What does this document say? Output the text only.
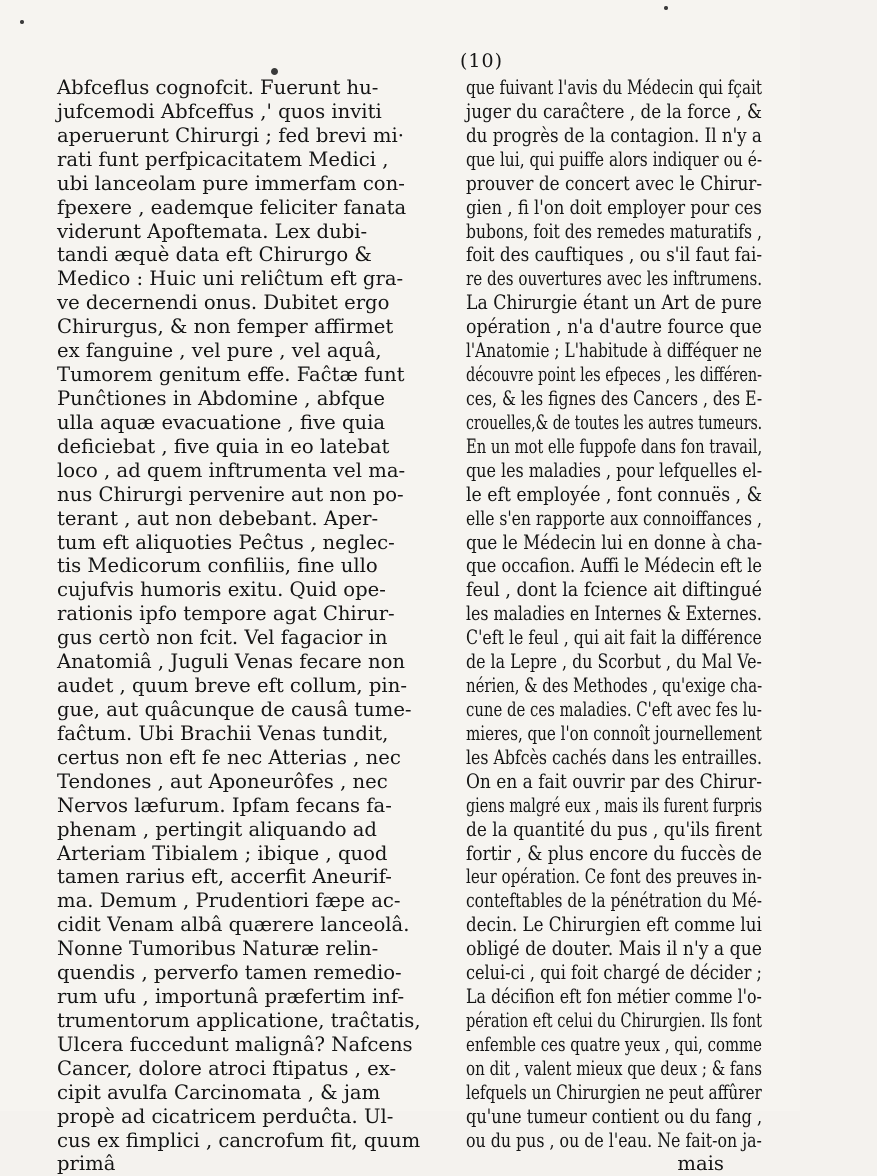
(10)
Abfceflus cognofcit. Fuerunt hu-
jufcemodi Abfceffus ,' quos inviti
aperuerunt Chirurgi ; fed brevi mi·
rati funt perfpicacitatem Medici ,
ubi lanceolam pure immerfam con-
fpexere , eademque feliciter fanata
viderunt Apoftemata. Lex dubi-
tandi æquè data eft Chirurgo &
Medico : Huic uni reliĉtum eft gra-
ve decernendi onus. Dubitet ergo
Chirurgus, & non femper affirmet
ex fanguine , vel pure , vel aquâ,
Tumorem genitum effe. Faĉtæ funt
Punĉtiones in Abdomine , abfque
ulla aquæ evacuatione , five quia
deficiebat , five quia in eo latebat
loco , ad quem inftrumenta vel ma-
nus Chirurgi pervenire aut non po-
terant , aut non debebant. Aper-
tum eft aliquoties Peĉtus , neglec-
tis Medicorum confiliis, fine ullo
cujufvis humoris exitu. Quid ope-
rationis ipfo tempore agat Chirur-
gus certò non fcit. Vel fagacior in
Anatomiâ , Juguli Venas fecare non
audet , quum breve eft collum, pin-
gue, aut quâcunque de causâ tume-
faĉtum. Ubi Brachii Venas tundit,
certus non eft fe nec Atterias , nec
Tendones , aut Aponeurôfes , nec
Nervos læfurum. Ipfam fecans fa-
phenam , pertingit aliquando ad
Arteriam Tibialem ; ibique , quod
tamen rarius eft, accerfit Aneurif-
ma. Demum , Prudentiori fæpe ac-
cidit Venam albâ quærere lanceolâ.
Nonne Tumoribus Naturæ relin-
quendis , perverfo tamen remedio-
rum ufu , importunâ præfertim inf-
trumentorum applicatione, traĉtatis,
Ulcera fuccedunt malignâ? Nafcens
Cancer, dolore atroci ftipatus , ex-
cipit avulfa Carcinomata , & jam
propè ad cicatricem perduĉta. Ul-
cus ex fimplici , cancrofum fit, quum
primâ
que fuivant l'avis du Médecin qui fçait
juger du caraĉtere , de la force , &
du progrès de la contagion. Il n'y a
que lui, qui puiffe alors indiquer ou é-
prouver de concert avec le Chirur-
gien , fi l'on doit employer pour ces
bubons, foit des remedes maturatifs ,
foit des cauftiques , ou s'il faut fai-
re des ouvertures avec les inftrumens.
La Chirurgie étant un Art de pure
opération , n'a d'autre fource que
l'Anatomie ; L'habitude à difféquer ne
découvre point les efpeces , les différen-
ces, & les fignes des Cancers , des E-
crouelles,& de toutes les autres tumeurs.
En un mot elle fuppofe dans fon travail,
que les maladies , pour lefquelles el-
le eft employée , font connuës , &
elle s'en rapporte aux connoiffances ,
que le Médecin lui en donne à cha-
que occafion. Auffi le Médecin eft le
feul , dont la fcience ait diftingué
les maladies en Internes & Externes.
C'eft le feul , qui ait fait la différence
de la Lepre , du Scorbut , du Mal Ve-
nérien, & des Methodes , qu'exige cha-
cune de ces maladies. C'eft avec fes lu-
mieres, que l'on connoît journellement
les Abfcès cachés dans les entrailles.
On en a fait ouvrir par des Chirur-
giens malgré eux , mais ils furent furpris
de la quantité du pus , qu'ils firent
fortir , & plus encore du fuccès de
leur opération. Ce font des preuves in-
conteftables de la pénétration du Mé-
decin. Le Chirurgien eft comme lui
obligé de douter. Mais il n'y a que
celui-ci , qui foit chargé de décider ;
La décifion eft fon métier comme l'o-
pération eft celui du Chirurgien. Ils font
enfemble ces quatre yeux , qui, comme
on dit , valent mieux que deux ; & fans
lefquels un Chirurgien ne peut affûrer
qu'une tumeur contient ou du fang ,
ou du pus , ou de l'eau. Ne fait-on ja-
mais
